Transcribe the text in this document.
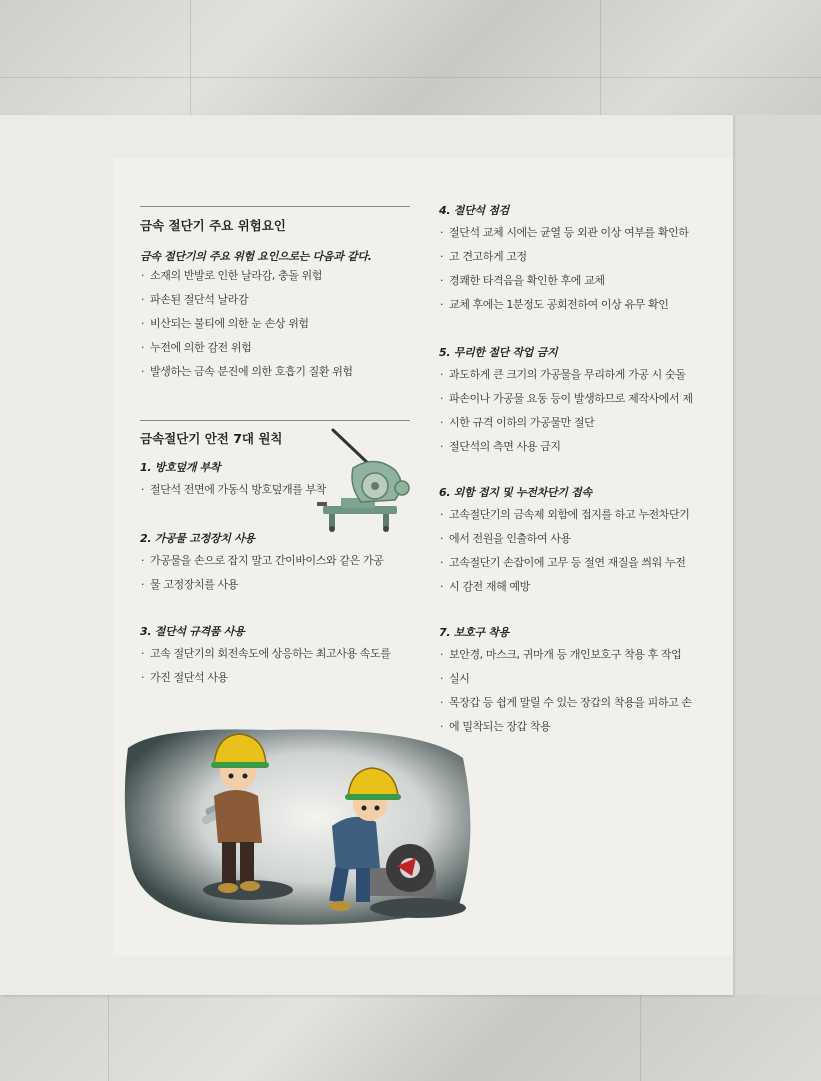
금속 절단기 주요 위험요인
금속 절단기의 주요 위험 요인으로는 다음과 같다.
· 소재의 반발로 인한 날라감, 충돌 위험
· 파손된 절단석 날라감
· 비산되는 불티에 의한 눈 손상 위험
· 누전에 의한 감전 위험
· 발생하는 금속 분진에 의한 호흡기 질환 위험
금속절단기 안전 7대 원칙
1. 방호덮개 부착
· 절단석 전면에 가동식 방호덮개를 부착
2. 가공물 고정장치 사용
· 가공물을 손으로 잡지 말고 간이바이스와 같은 가공
· 물 고정장치를 사용
3. 절단석 규격품 사용
· 고속 절단기의 회전속도에 상응하는 최고사용 속도를
· 가진 절단석 사용
4. 절단석 점검
· 절단석 교체 시에는 균열 등 외관 이상 여부를 확인하
· 고 견고하게 고정
· 경쾌한 타격음을 확인한 후에 교체
· 교체 후에는 1분정도 공회전하여 이상 유무 확인
5. 무리한 절단 작업 금지
· 과도하게 큰 크기의 가공물을 무리하게 가공 시 숫돌
· 파손이나 가공물 요동 등이 발생하므로 제작사에서 제
· 시한 규격 이하의 가공물만 절단
· 절단석의 측면 사용 금지
6. 외함 접지 및 누전차단기 접속
· 고속절단기의 금속제 외함에 접지를 하고 누전차단기
· 에서 전원을 인출하여 사용
· 고속절단기 손잡이에 고무 등 절연 재질을 씌워 누전
· 시 감전 재해 예방
7. 보호구 착용
· 보안경, 마스크, 귀마개 등 개인보호구 착용 후 작업
· 실시
· 목장갑 등 쉽게 말릴 수 있는 장갑의 착용을 피하고 손
· 에 밀착되는 장갑 착용
